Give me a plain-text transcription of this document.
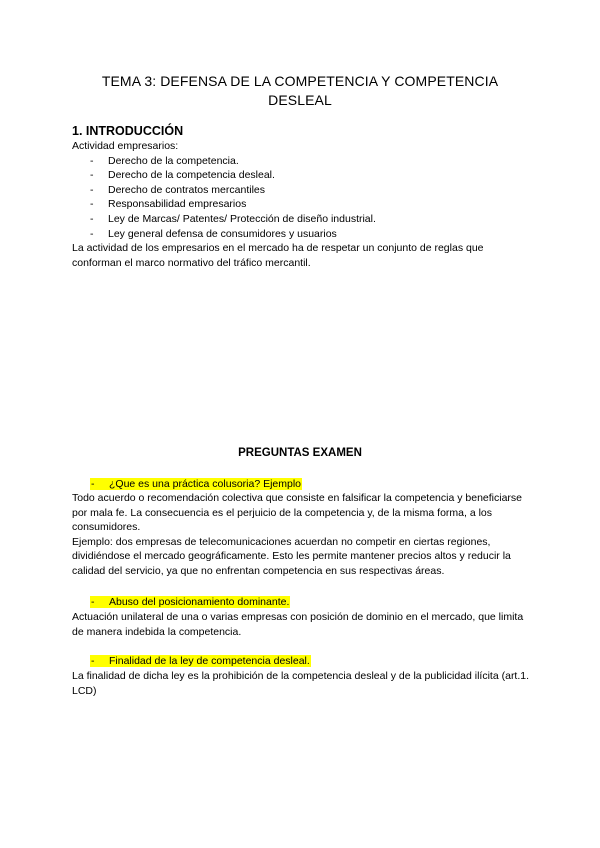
TEMA 3: DEFENSA DE LA COMPETENCIA Y COMPETENCIA DESLEAL
1. INTRODUCCIÓN
Actividad empresarios:
- Derecho de la competencia.
- Derecho de la competencia desleal.
- Derecho de contratos mercantiles
- Responsabilidad empresarios
- Ley de Marcas/ Patentes/ Protección de diseño industrial.
- Ley general defensa de consumidores y usuarios
La actividad de los empresarios en el mercado ha de respetar un conjunto de reglas que conforman el marco normativo del tráfico mercantil.
PREGUNTAS EXAMEN
- ¿Que es una práctica colusoria? Ejemplo
Todo acuerdo o recomendación colectiva que consiste en falsificar la competencia y beneficiarse por mala fe. La consecuencia es el perjuicio de la competencia y, de la misma forma, a los consumidores.
Ejemplo: dos empresas de telecomunicaciones acuerdan no competir en ciertas regiones, dividiéndose el mercado geográficamente. Esto les permite mantener precios altos y reducir la calidad del servicio, ya que no enfrentan competencia en sus respectivas áreas.
- Abuso del posicionamiento dominante.
Actuación unilateral de una o varias empresas con posición de dominio en el mercado, que limita de manera indebida la competencia.
- Finalidad de la ley de competencia desleal.
La finalidad de dicha ley es la prohibición de la competencia desleal y de la publicidad ilícita (art.1. LCD)
